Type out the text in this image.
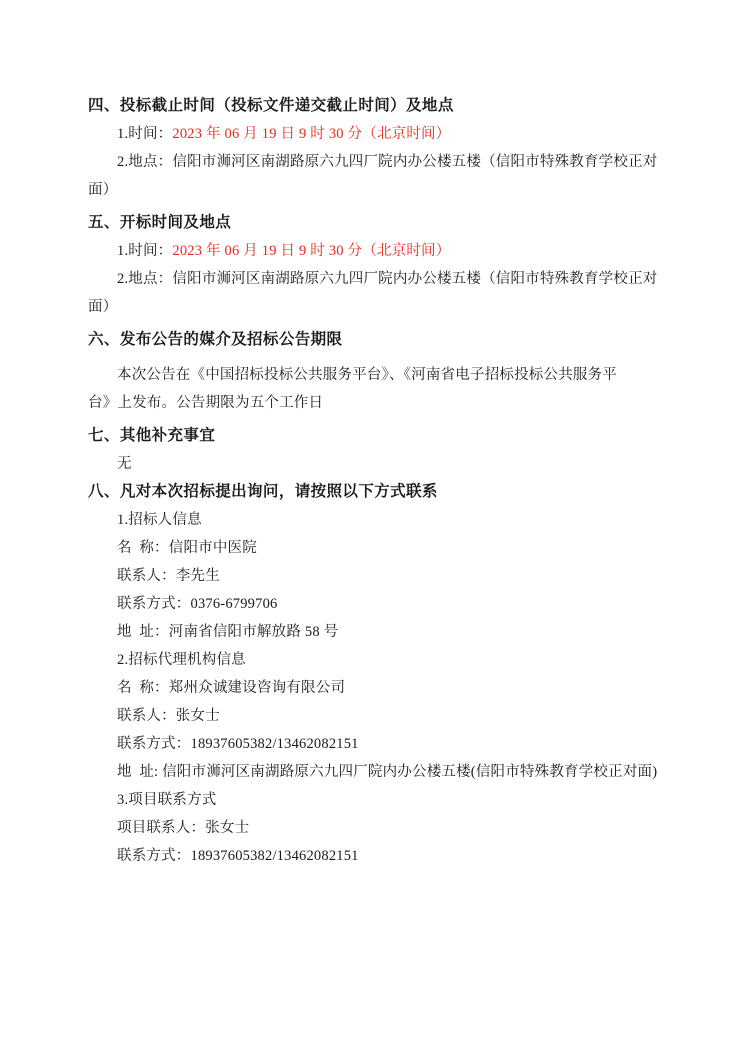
四、投标截止时间（投标文件递交截止时间）及地点
1.时间：2023 年 06 月 19 日 9 时 30 分（北京时间）
2.地点：信阳市浉河区南湖路原六九四厂院内办公楼五楼（信阳市特殊教育学校正对
面）
五、开标时间及地点
1.时间：2023 年 06 月 19 日 9 时 30 分（北京时间）
2.地点：信阳市浉河区南湖路原六九四厂院内办公楼五楼（信阳市特殊教育学校正对
面）
六、发布公告的媒介及招标公告期限
本次公告在《中国招标投标公共服务平台》、《河南省电子招标投标公共服务平
台》上发布。公告期限为五个工作日
七、其他补充事宜
无
八、凡对本次招标提出询问，请按照以下方式联系
1.招标人信息
名  称：信阳市中医院
联系人：李先生
联系方式：0376-6799706
地  址：河南省信阳市解放路 58 号
2.招标代理机构信息
名  称：郑州众诚建设咨询有限公司
联系人：张女士
联系方式：18937605382/13462082151
地  址: 信阳市浉河区南湖路原六九四厂院内办公楼五楼(信阳市特殊教育学校正对面)
3.项目联系方式
项目联系人：张女士
联系方式：18937605382/13462082151
